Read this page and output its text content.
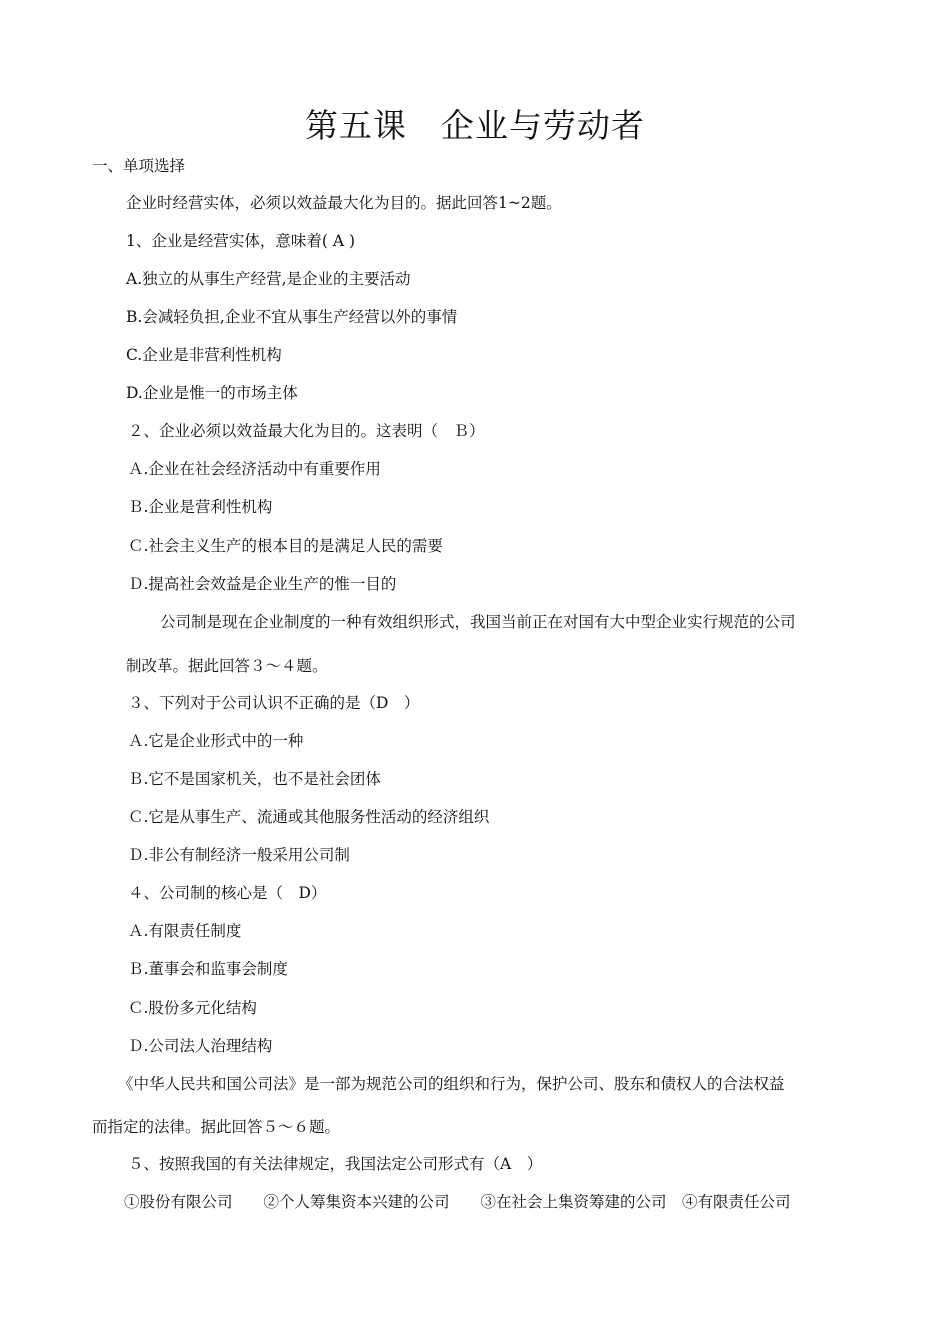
第五课　企业与劳动者
一、单项选择
企业时经营实体，必须以效益最大化为目的。据此回答1~2题。
1、企业是经营实体，意味着( A )
A.独立的从事生产经营,是企业的主要活动
B.会减轻负担,企业不宜从事生产经营以外的事情
C.企业是非营利性机构
D.企业是惟一的市场主体
２、企业必须以效益最大化为目的。这表明（　Ｂ）
Ａ.企业在社会经济活动中有重要作用
Ｂ.企业是营利性机构
Ｃ.社会主义生产的根本目的是满足人民的需要
Ｄ.提高社会效益是企业生产的惟一目的
公司制是现在企业制度的一种有效组织形式，我国当前正在对国有大中型企业实行规范的公司
制改革。据此回答３～４题。
３、下列对于公司认识不正确的是（D　）
Ａ.它是企业形式中的一种
Ｂ.它不是国家机关，也不是社会团体
Ｃ.它是从事生产、流通或其他服务性活动的经济组织
Ｄ.非公有制经济一般采用公司制
４、公司制的核心是（　D）
Ａ.有限责任制度
Ｂ.董事会和监事会制度
Ｃ.股份多元化结构
Ｄ.公司法人治理结构
《中华人民共和国公司法》是一部为规范公司的组织和行为，保护公司、股东和债权人的合法权益
而指定的法律。据此回答５～６题。
５、按照我国的有关法律规定，我国法定公司形式有（A　）
①股份有限公司　　②个人筹集资本兴建的公司　　③在社会上集资筹建的公司　④有限责任公司
